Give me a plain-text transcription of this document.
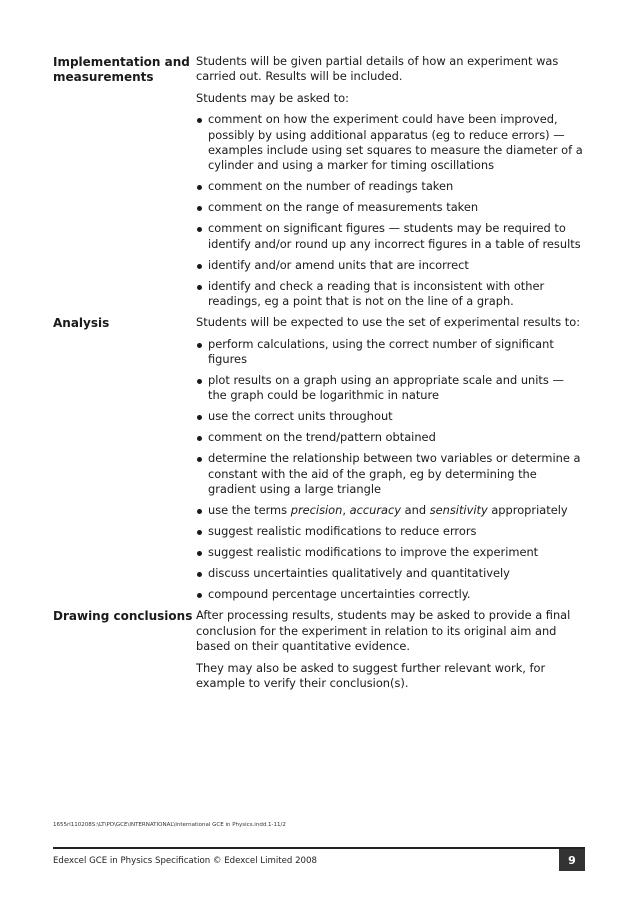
Implementation and measurements

Students will be given partial details of how an experiment was carried out. Results will be included.

Students may be asked to:

comment on how the experiment could have been improved, possibly by using additional apparatus (eg to reduce errors) — examples include using set squares to measure the diameter of a cylinder and using a marker for timing oscillations
comment on the number of readings taken
comment on the range of measurements taken
comment on significant figures — students may be required to identify and/or round up any incorrect figures in a table of results
identify and/or amend units that are incorrect
identify and check a reading that is inconsistent with other readings, eg a point that is not on the line of a graph.
Analysis	Students will be expected to use the set of experimental results to:

perform calculations, using the correct number of significant figures
plot results on a graph using an appropriate scale and units — the graph could be logarithmic in nature
use the correct units throughout
comment on the trend/pattern obtained
determine the relationship between two variables or determine a constant with the aid of the graph, eg by determining the gradient using a large triangle
use the terms precision, accuracy and sensitivity appropriately
suggest realistic modifications to reduce errors
suggest realistic modifications to improve the experiment
discuss uncertainties qualitatively and quantitatively
compound percentage uncertainties correctly.
Drawing conclusions After processing results, students may be asked to provide a final conclusion for the experiment in relation to its original aim and based on their quantitative evidence.

They may also be asked to suggest further relevant work, for example to verify their conclusion(s).

1655rl110208S:\LT\PD\GCE\INTERNATIONAL\International GCE in Physics.indd.1-11/2
Edexcel GCE in Physics Specification © Edexcel Limited 2008	9
